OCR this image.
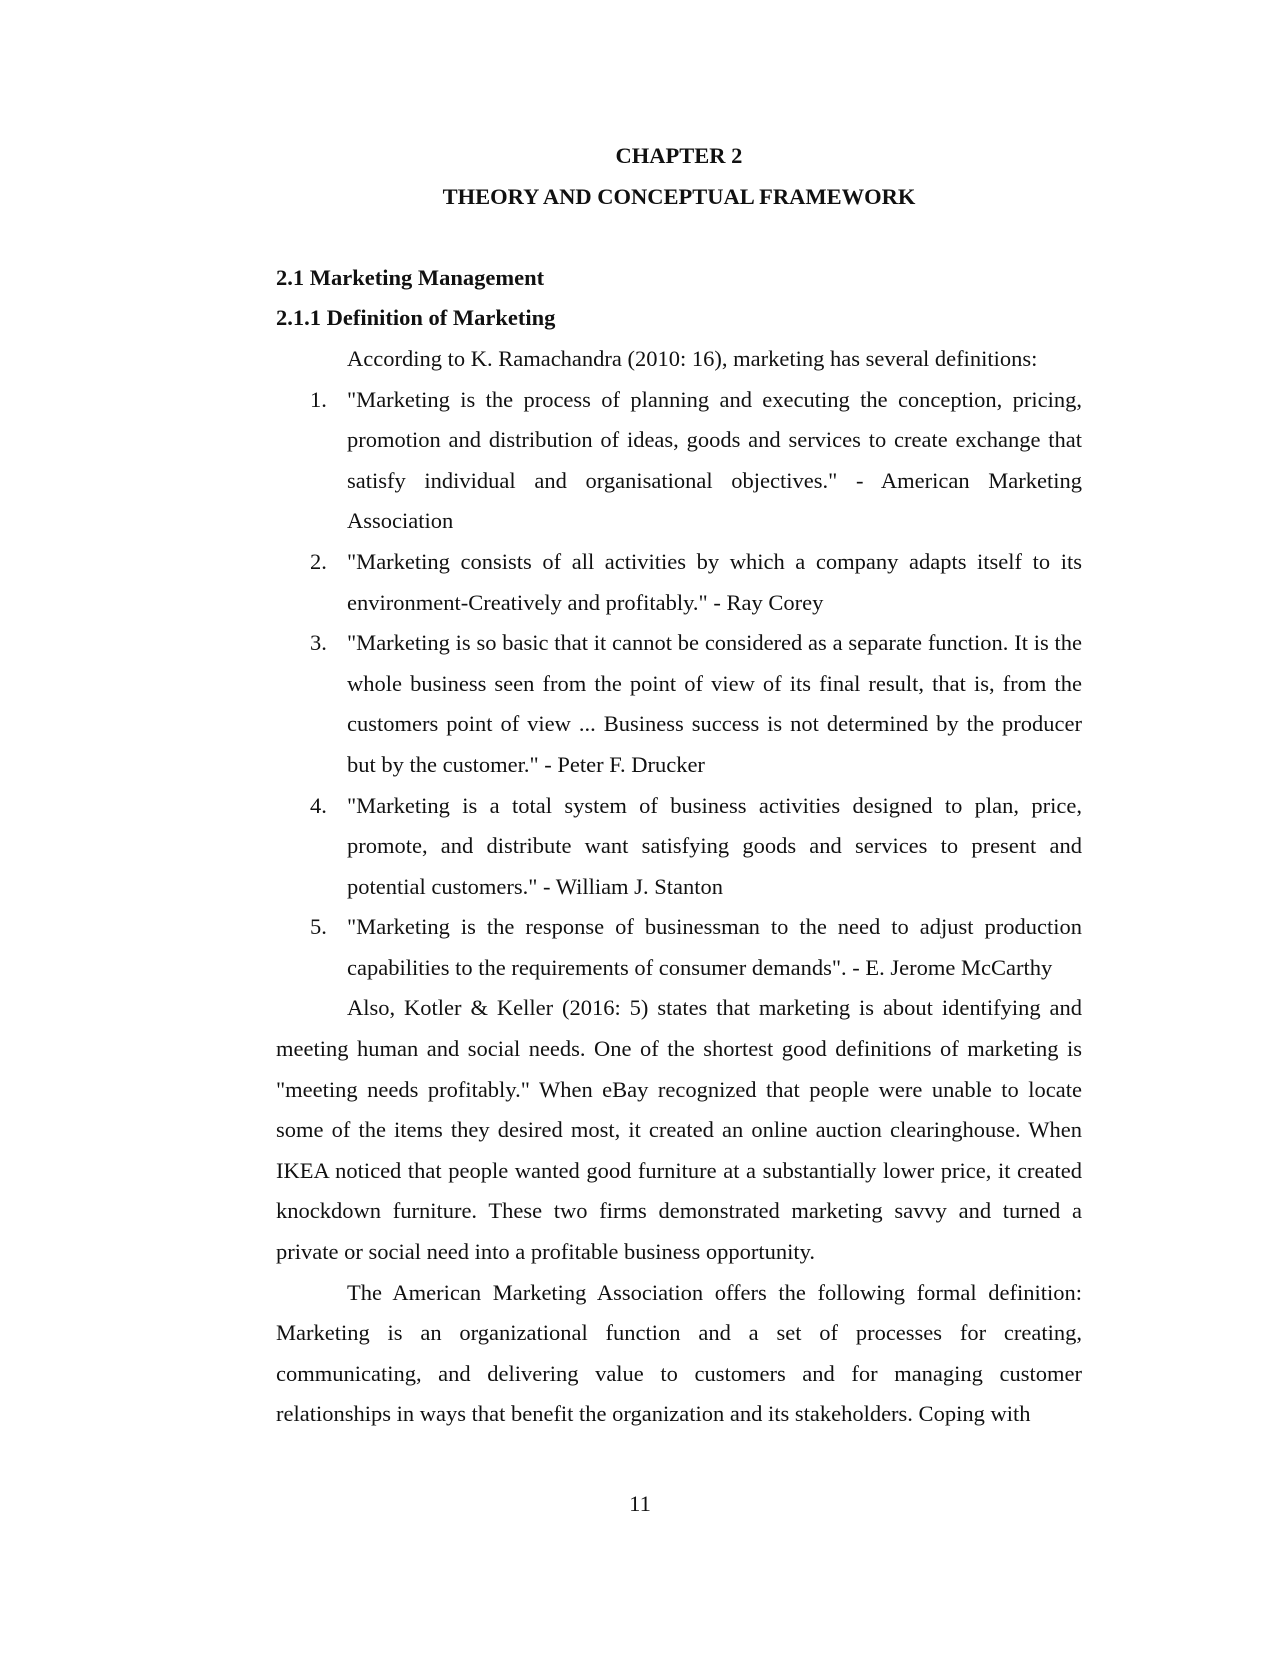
CHAPTER 2
THEORY AND CONCEPTUAL FRAMEWORK
2.1 Marketing Management
2.1.1 Definition of Marketing

According to K. Ramachandra (2010: 16), marketing has several definitions:

1. "Marketing is the process of planning and executing the conception, pricing, promotion and distribution of ideas, goods and services to create exchange that satisfy individual and organisational objectives." - American Marketing Association
2. "Marketing consists of all activities by which a company adapts itself to its environment-Creatively and profitably." - Ray Corey
3. "Marketing is so basic that it cannot be considered as a separate function. It is the whole business seen from the point of view of its final result, that is, from the customers point of view ... Business success is not determined by the producer but by the customer." - Peter F. Drucker
4. "Marketing is a total system of business activities designed to plan, price, promote, and distribute want satisfying goods and services to present and potential customers." - William J. Stanton
5. "Marketing is the response of businessman to the need to adjust production capabilities to the requirements of consumer demands". - E. Jerome McCarthy

Also, Kotler & Keller (2016: 5) states that marketing is about identifying and meeting human and social needs. One of the shortest good definitions of marketing is "meeting needs profitably." When eBay recognized that people were unable to locate some of the items they desired most, it created an online auction clearinghouse. When IKEA noticed that people wanted good furniture at a substantially lower price, it created knockdown furniture. These two firms demonstrated marketing savvy and turned a private or social need into a profitable business opportunity.

The American Marketing Association offers the following formal definition: Marketing is an organizational function and a set of processes for creating, communicating, and delivering value to customers and for managing customer relationships in ways that benefit the organization and its stakeholders. Coping with

11
